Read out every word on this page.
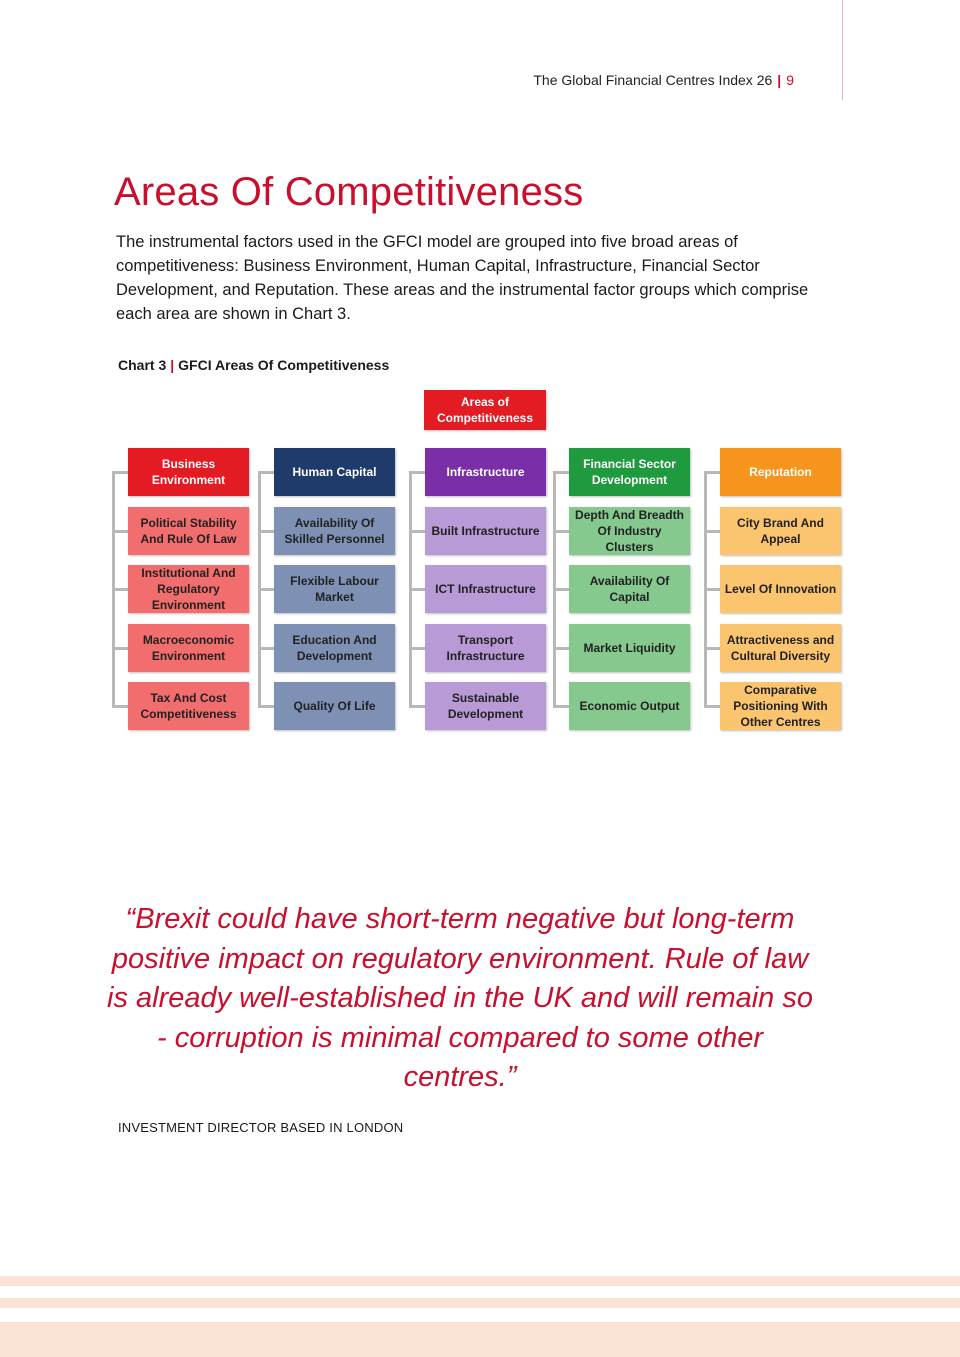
The Global Financial Centres Index 26 | 9
Areas Of Competitiveness

The instrumental factors used in the GFCI model are grouped into five broad areas of competitiveness: Business Environment, Human Capital, Infrastructure, Financial Sector Development, and Reputation. These areas and the instrumental factor groups which comprise each area are shown in Chart 3.

Chart 3 | GFCI Areas Of Competitiveness
Areas of Competitiveness
Business Environment
Political Stability And Rule Of Law
Institutional And Regulatory Environment
Macroeconomic Environment
Tax And Cost Competitiveness
Human Capital
Availability Of Skilled Personnel
Flexible Labour Market
Education And Development
Quality Of Life
Infrastructure
Built Infrastructure
ICT Infrastructure
Transport Infrastructure
Sustainable Development
Financial Sector Development
Depth And Breadth Of Industry Clusters
Availability Of Capital
Market Liquidity
Economic Output
Reputation
City Brand And Appeal
Level Of Innovation
Attractiveness and Cultural Diversity
Comparative Positioning With Other Centres

“Brexit could have short-term negative but long-term positive impact on regulatory environment. Rule of law is already well-established in the UK and will remain so - corruption is minimal compared to some other centres.”

INVESTMENT DIRECTOR BASED IN LONDON
